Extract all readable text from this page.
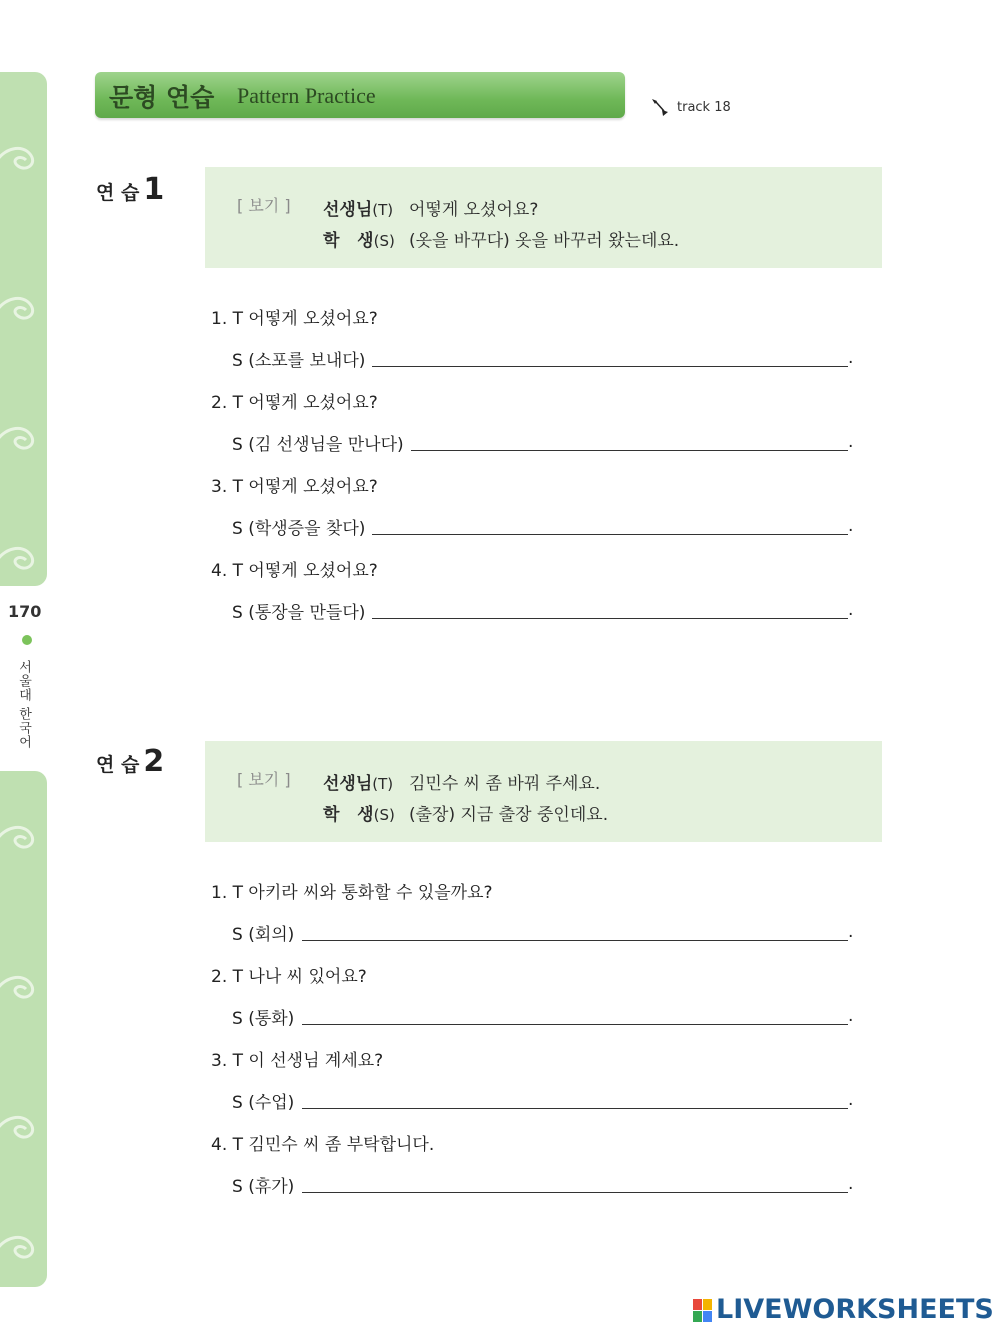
170
서울대 한국어
문형 연습 Pattern Practice	track 18
연 습 1	[ 보기 ] 선생님(T) 어떻게 오셨어요?
학   생(S) (옷을 바꾸다) 옷을 바꾸러 왔는데요.
1. T 어떻게 오셨어요?
S (소포를 보내다)	.
2. T 어떻게 오셨어요?
S (김 선생님을 만나다)	.
3. T 어떻게 오셨어요?
S (학생증을 찾다)	.
4. T 어떻게 오셨어요?
S (통장을 만들다)	.
연 습 2
[ 보기 ] 선생님(T) 김민수 씨 좀 바꿔 주세요.
학   생(S) (출장) 지금 출장 중인데요.
1. T 아키라 씨와 통화할 수 있을까요?
S (회의)	.
2. T 나나 씨 있어요?
S (통화)	.
3. T 이 선생님 계세요?
S (수업)	.
4. T 김민수 씨 좀 부탁합니다.
S (휴가)	.
LIVEWORKSHEETS
